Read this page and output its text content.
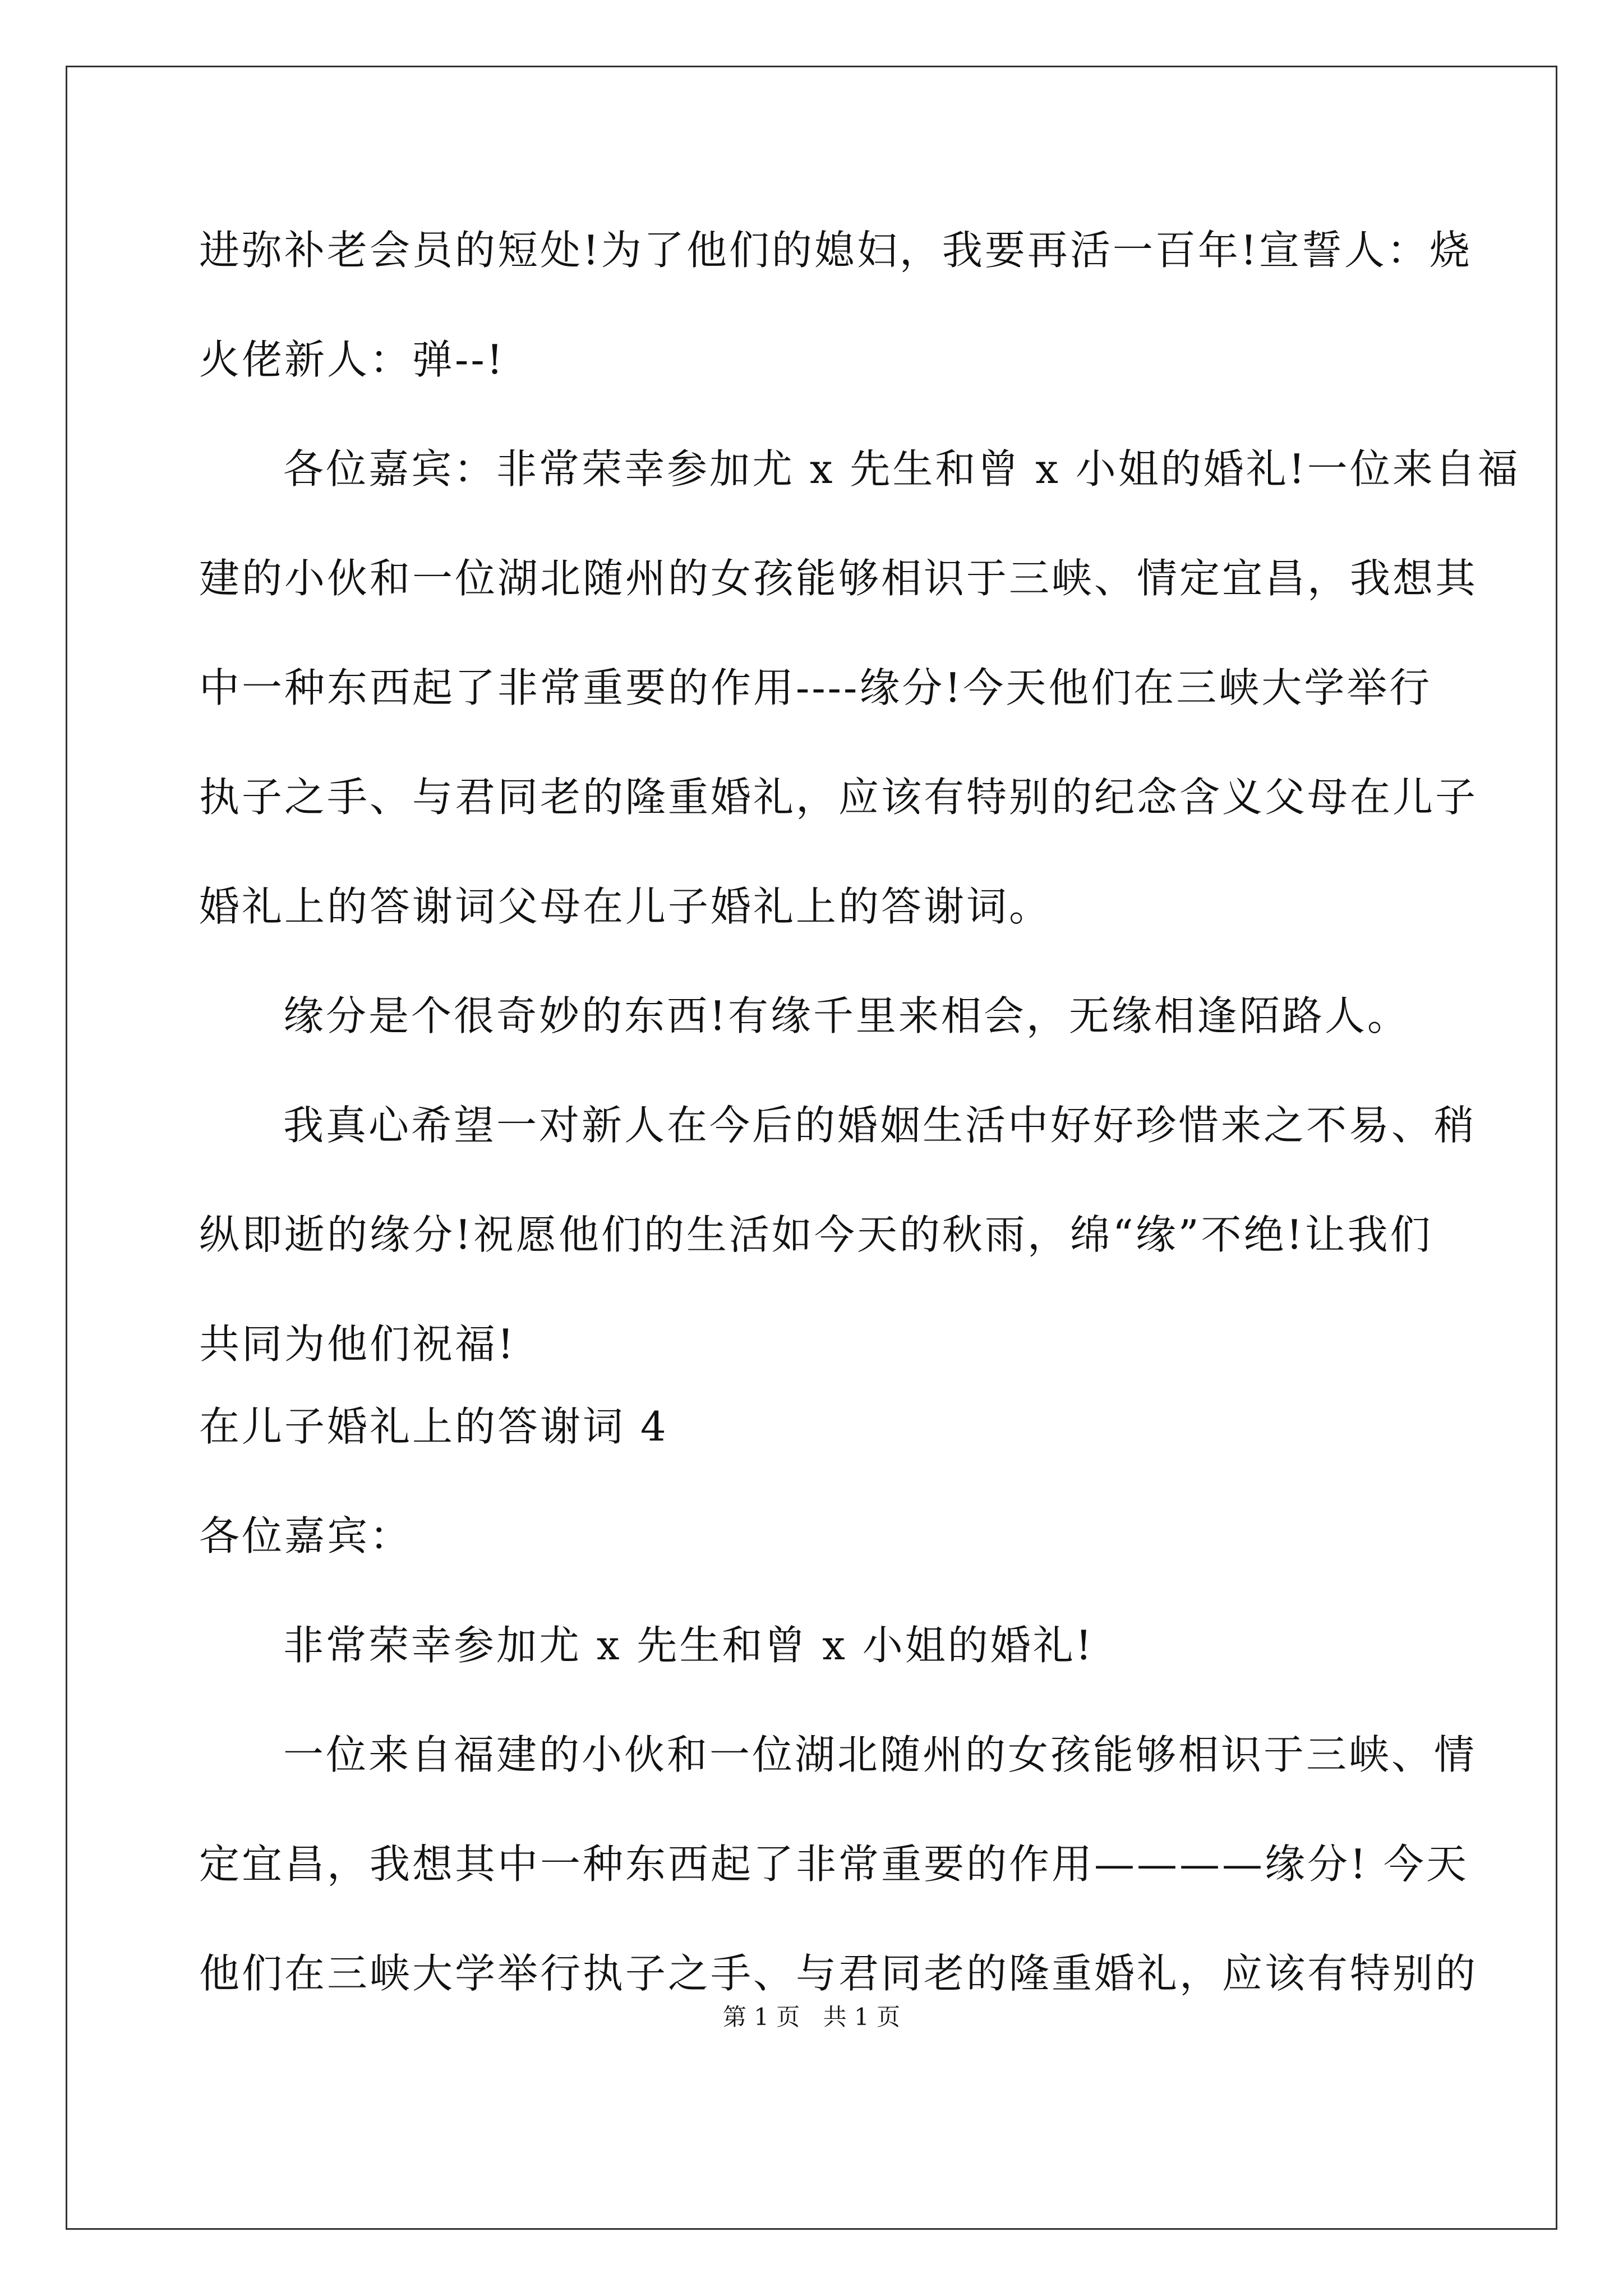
进弥补老会员的短处!为了他们的媳妇，我要再活一百年!宣誓人：烧
火佬新人：弹--!
各位嘉宾：非常荣幸参加尤 x 先生和曾 x 小姐的婚礼!一位来自福
建的小伙和一位湖北随州的女孩能够相识于三峡、情定宜昌，我想其
中一种东西起了非常重要的作用----缘分!今天他们在三峡大学举行
执子之手、与君同老的隆重婚礼，应该有特别的纪念含义父母在儿子
婚礼上的答谢词父母在儿子婚礼上的答谢词。
缘分是个很奇妙的东西!有缘千里来相会，无缘相逢陌路人。
我真心希望一对新人在今后的婚姻生活中好好珍惜来之不易、稍
纵即逝的缘分!祝愿他们的生活如今天的秋雨，绵“缘”不绝!让我们
共同为他们祝福!
在儿子婚礼上的答谢词 4
各位嘉宾：
非常荣幸参加尤 x 先生和曾 x 小姐的婚礼!
一位来自福建的小伙和一位湖北随州的女孩能够相识于三峡、情
定宜昌，我想其中一种东西起了非常重要的作用————缘分! 今天
他们在三峡大学举行执子之手、与君同老的隆重婚礼，应该有特别的
第 1 页 共 1 页
